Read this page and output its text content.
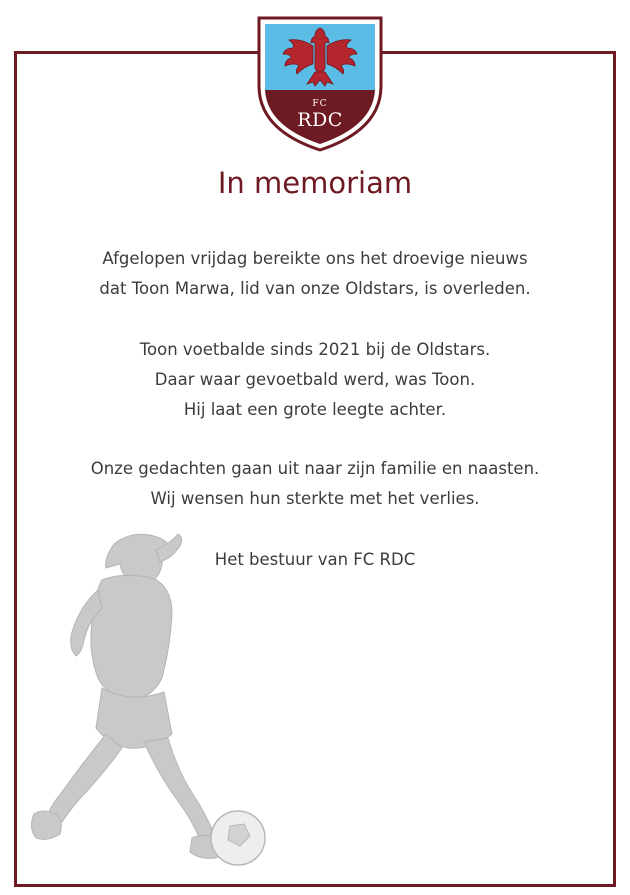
FC
RDC
In memoriam

Afgelopen vrijdag bereikte ons het droevige nieuws
dat Toon Marwa, lid van onze Oldstars, is overleden.

Toon voetbalde sinds 2021 bij de Oldstars.
Daar waar gevoetbald werd, was Toon.
Hij laat een grote leegte achter.

Onze gedachten gaan uit naar zijn familie en naasten.
Wij wensen hun sterkte met het verlies.

Het bestuur van FC RDC
